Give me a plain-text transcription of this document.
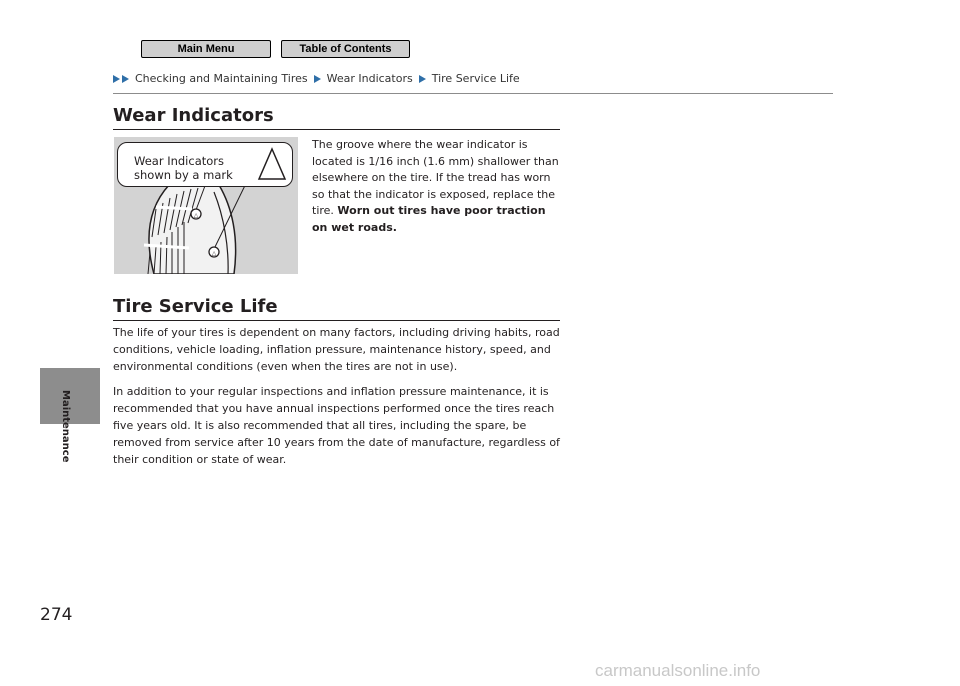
Main Menu	Table of Contents
Checking and Maintaining Tires Wear Indicators Tire Service Life
Maintenance
274
Wear Indicators
Wear Indicators
shown by a mark
△
△
The groove where the wear indicator is located is 1/16 inch (1.6 mm) shallower than elsewhere on the tire. If the tread has worn so that the indicator is exposed, replace the tire. Worn out tires have poor traction on wet roads.
Tire Service Life

The life of your tires is dependent on many factors, including driving habits, road conditions, vehicle loading, inflation pressure, maintenance history, speed, and environmental conditions (even when the tires are not in use).

In addition to your regular inspections and inflation pressure maintenance, it is recommended that you have annual inspections performed once the tires reach five years old. It is also recommended that all tires, including the spare, be removed from service after 10 years from the date of manufacture, regardless of their condition or state of wear.

carmanualsonline.info
